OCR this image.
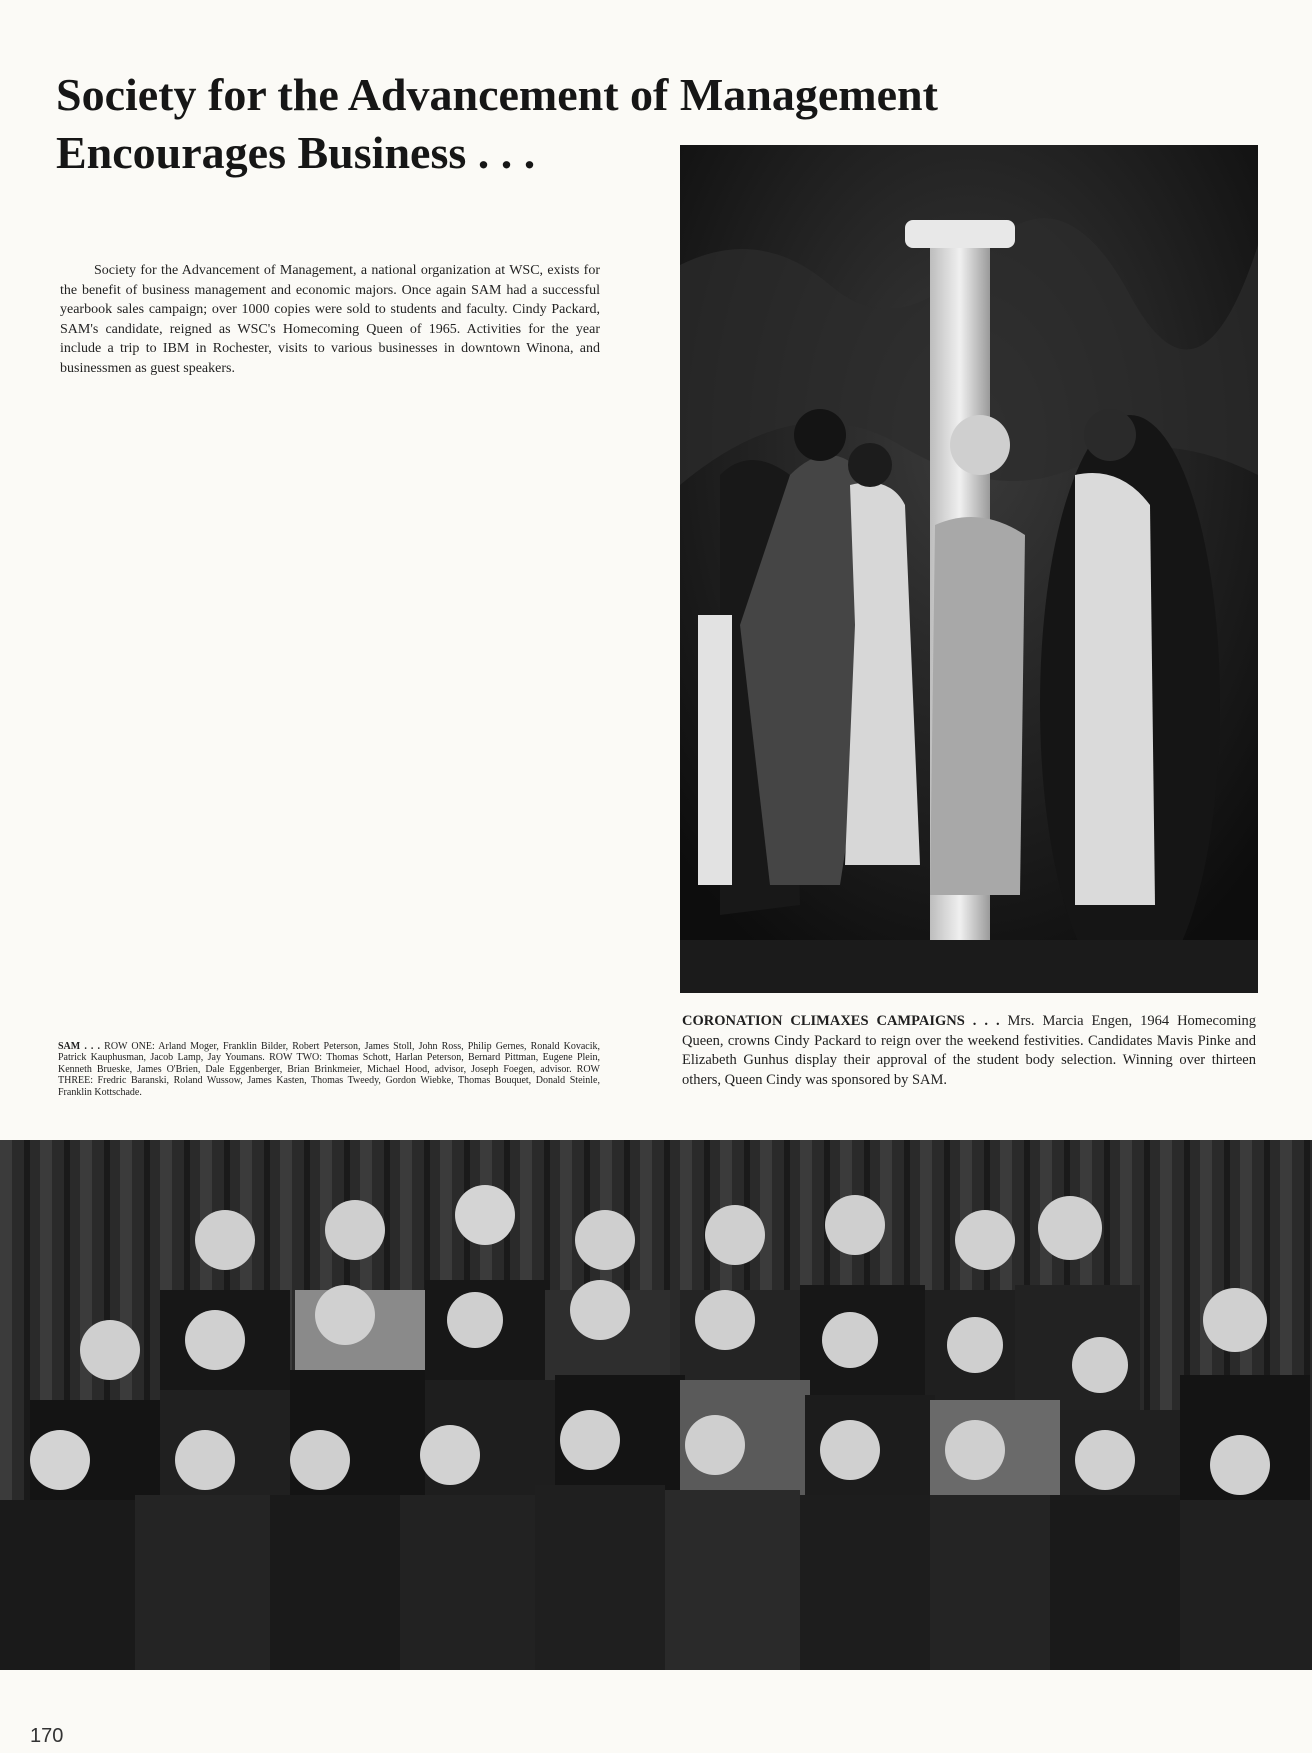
Society for the Advancement of Management
Encourages Business . . .

Society for the Advancement of Management, a national organization at WSC, exists for the benefit of business management and economic majors. Once again SAM had a successful yearbook sales campaign; over 1000 copies were sold to students and faculty. Cindy Packard, SAM's candidate, reigned as WSC's Homecoming Queen of 1965. Activities for the year include a trip to IBM in Rochester, visits to various businesses in downtown Winona, and businessmen as guest speakers.

SAM . . . ROW ONE: Arland Moger, Franklin Bilder, Robert Peterson, James Stoll, John Ross, Philip Gernes, Ronald Kovacik, Patrick Kauphusman, Jacob Lamp, Jay Youmans. ROW TWO: Thomas Schott, Harlan Peterson, Bernard Pittman, Eugene Plein, Kenneth Brueske, James O'Brien, Dale Eggenberger, Brian Brinkmeier, Michael Hood, advisor, Joseph Foegen, advisor. ROW THREE: Fredric Baranski, Roland Wussow, James Kasten, Thomas Tweedy, Gordon Wiebke, Thomas Bouquet, Donald Steinle, Franklin Kottschade.

CORONATION CLIMAXES CAMPAIGNS . . . Mrs. Marcia Engen, 1964 Homecoming Queen, crowns Cindy Packard to reign over the weekend festivities. Candidates Mavis Pinke and Elizabeth Gunhus display their approval of the student body selection. Winning over thirteen others, Queen Cindy was sponsored by SAM.

170
